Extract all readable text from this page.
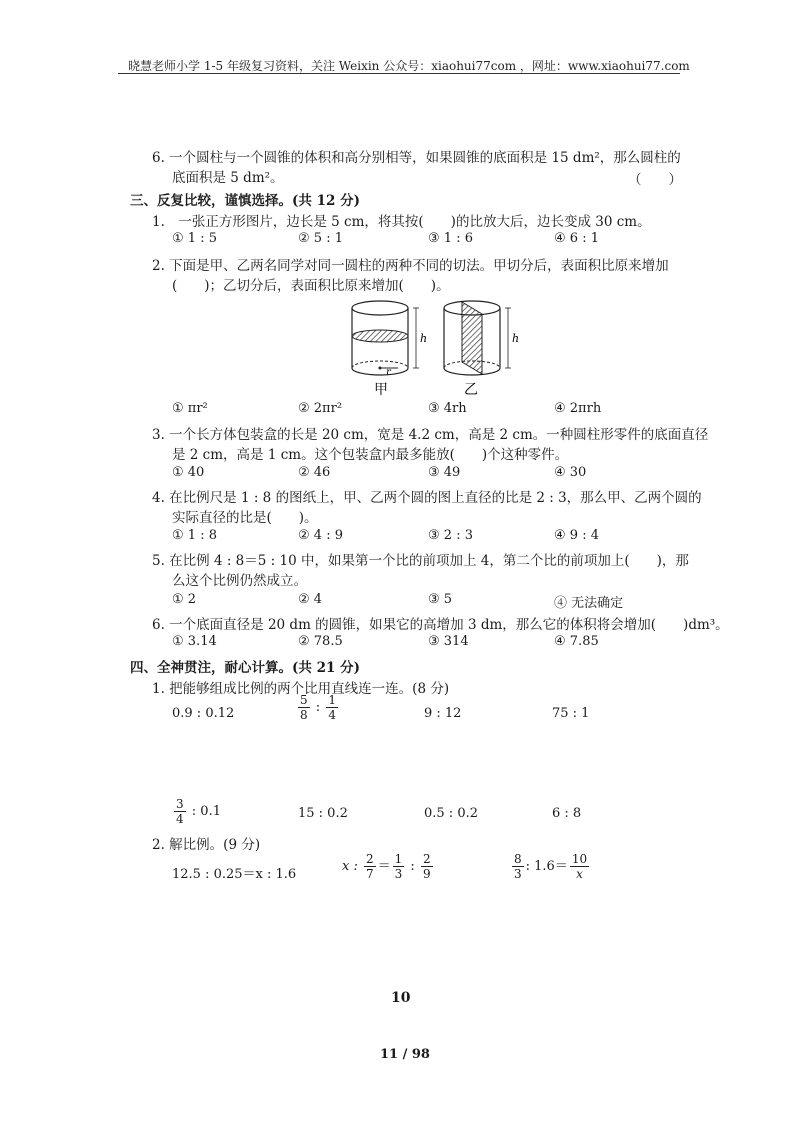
晓慧老师小学 1-5 年级复习资料，关注 Weixin 公众号：xiaohui77com ，网址：www.xiaohui77.com
6. 一个圆柱与一个圆锥的体积和高分别相等，如果圆锥的底面积是 15 dm²，那么圆柱的
底面积是 5 dm²。	（　　）
三、反复比较，谨慎选择。(共 12 分)
1.　一张正方形图片，边长是 5 cm，将其按(　　)的比放大后，边长变成 30 cm。
① 1 : 5	② 5 : 1	③ 1 : 6	④ 6 : 1
2. 下面是甲、乙两名同学对同一圆柱的两种不同的切法。甲切分后，表面积比原来增加
(　　)；乙切分后，表面积比原来增加(　　)。
r
h	h
甲	乙
① πr²	② 2πr²	③ 4rh	④ 2πrh
3. 一个长方体包装盒的长是 20 cm，宽是 4.2 cm，高是 2 cm。一种圆柱形零件的底面直径
是 2 cm，高是 1 cm。这个包装盒内最多能放(　　)个这种零件。
① 40	② 46	③ 49	④ 30
4. 在比例尺是 1 : 8 的图纸上，甲、乙两个圆的图上直径的比是 2 : 3，那么甲、乙两个圆的
实际直径的比是(　　)。
① 1 : 8	② 4 : 9	③ 2 : 3	④ 9 : 4
5. 在比例 4 : 8＝5 : 10 中，如果第一个比的前项加上 4，第二个比的前项加上(　　)，那
么这个比例仍然成立。
① 2	② 4	③ 5	④ 无法确定
6. 一个底面直径是 20 dm 的圆锥，如果它的高增加 3 dm，那么它的体积将会增加(　　)dm³。
① 3.14	② 78.5	③ 314	④ 7.85
四、全神贯注，耐心计算。(共 21 分)
1. 把能够组成比例的两个比用直线连一连。(8 分)
0.9 : 0.12	$\frac{5}{8}$ : $\frac{1}{4}$	9 : 12	75 : 1
$\frac{3}{4}$ : 0.1	15 : 0.2	0.5 : 0.2	6 : 8
2. 解比例。(9 分)
12.5 : 0.25＝x : 1.6
x : $\frac{2}{7} = \frac{1}{3}$ : $\frac{2}{9}$	$\frac{8}{3}$ : $1.6= \frac{10}{x}$
10
11 / 98
